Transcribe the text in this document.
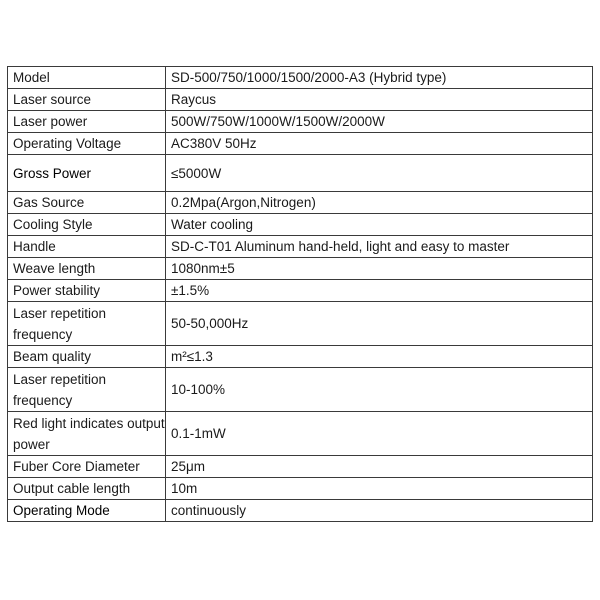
Model	SD-500/750/1000/1500/2000-A3 (Hybrid type)
Laser source	Raycus
Laser power	500W/750W/1000W/1500W/2000W
Operating Voltage	AC380V 50Hz
Gross Power	≤5000W
Gas Source	0.2Mpa(Argon,Nitrogen)
Cooling Style	Water cooling
Handle	SD-C-T01 Aluminum hand-held, light and easy to master
Weave length	1080nm±5
Power stability	±1.5%
Laser repetition frequency	50-50,000Hz
Beam quality	m²≤1.3
Laser repetition frequency	10-100%
Red light indicates output power	0.1-1mW
Fuber Core Diameter	25μm
Output cable length	10m
Operating Mode	continuously
